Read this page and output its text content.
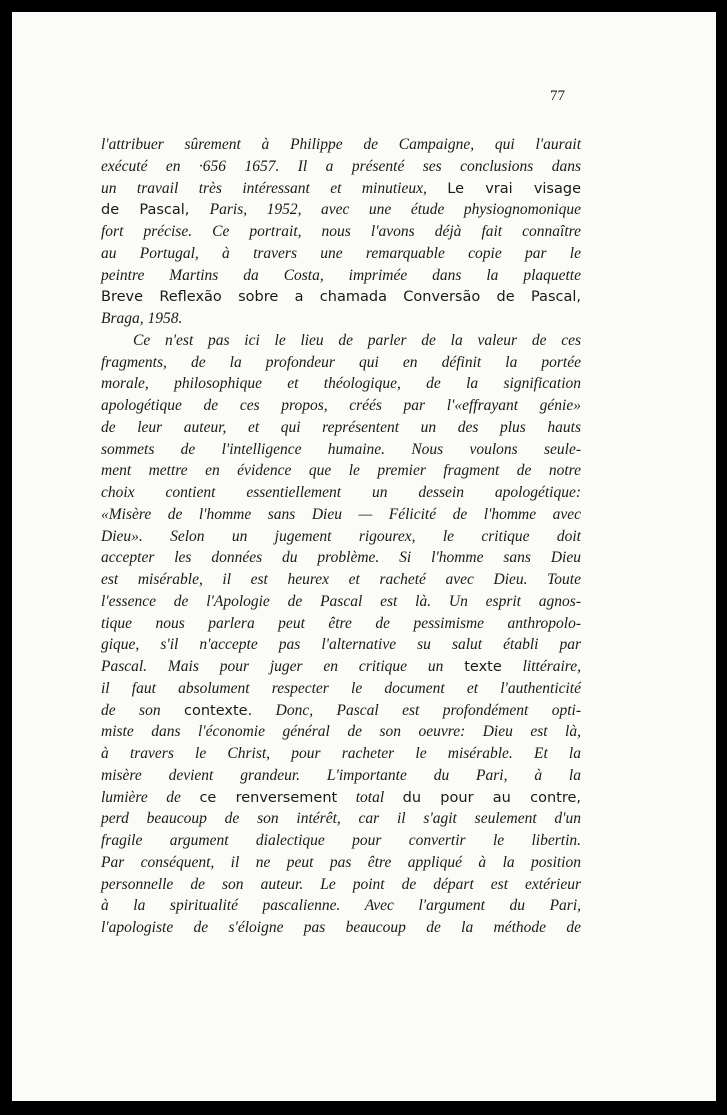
77
l'attribuer sûrement à Philippe de Campaigne, qui l'aurait
exécuté en ·656 1657. Il a présenté ses conclusions dans
un travail très intéressant et minutieux, Le vrai visage
de Pascal, Paris, 1952, avec une étude physiognomonique
fort précise. Ce portrait, nous l'avons déjà fait connaître
au Portugal, à travers une remarquable copie par le
peintre Martins da Costa, imprimée dans la plaquette
Breve Reflexão sobre a chamada Conversão de Pascal,
Braga, 1958.
Ce n'est pas ici le lieu de parler de la valeur de ces
fragments, de la profondeur qui en définit la portée
morale, philosophique et théologique, de la signification
apologétique de ces propos, créés par l'«effrayant génie»
de leur auteur, et qui représentent un des plus hauts
sommets de l'intelligence humaine. Nous voulons seule-
ment mettre en évidence que le premier fragment de notre
choix contient essentiellement un dessein apologétique:
«Misère de l'homme sans Dieu — Félicité de l'homme avec
Dieu». Selon un jugement rigourex, le critique doit
accepter les données du problème. Si l'homme sans Dieu
est misérable, il est heurex et racheté avec Dieu. Toute
l'essence de l'Apologie de Pascal est là. Un esprit agnos-
tique nous parlera peut être de pessimisme anthropolo-
gique, s'il n'accepte pas l'alternative su salut établi par
Pascal. Mais pour juger en critique un texte littéraire,
il faut absolument respecter le document et l'authenticité
de son contexte. Donc, Pascal est profondément opti-
miste dans l'économie général de son oeuvre: Dieu est là,
à travers le Christ, pour racheter le misérable. Et la
misère devient grandeur. L'importante du Pari, à la
lumière de ce renversement total du pour au contre,
perd beaucoup de son intérêt, car il s'agit seulement d'un
fragile argument dialectique pour convertir le libertin.
Par conséquent, il ne peut pas être appliqué à la position
personnelle de son auteur. Le point de départ est extérieur
à la spiritualité pascalienne. Avec l'argument du Pari,
l'apologiste de s'éloigne pas beaucoup de la méthode de
